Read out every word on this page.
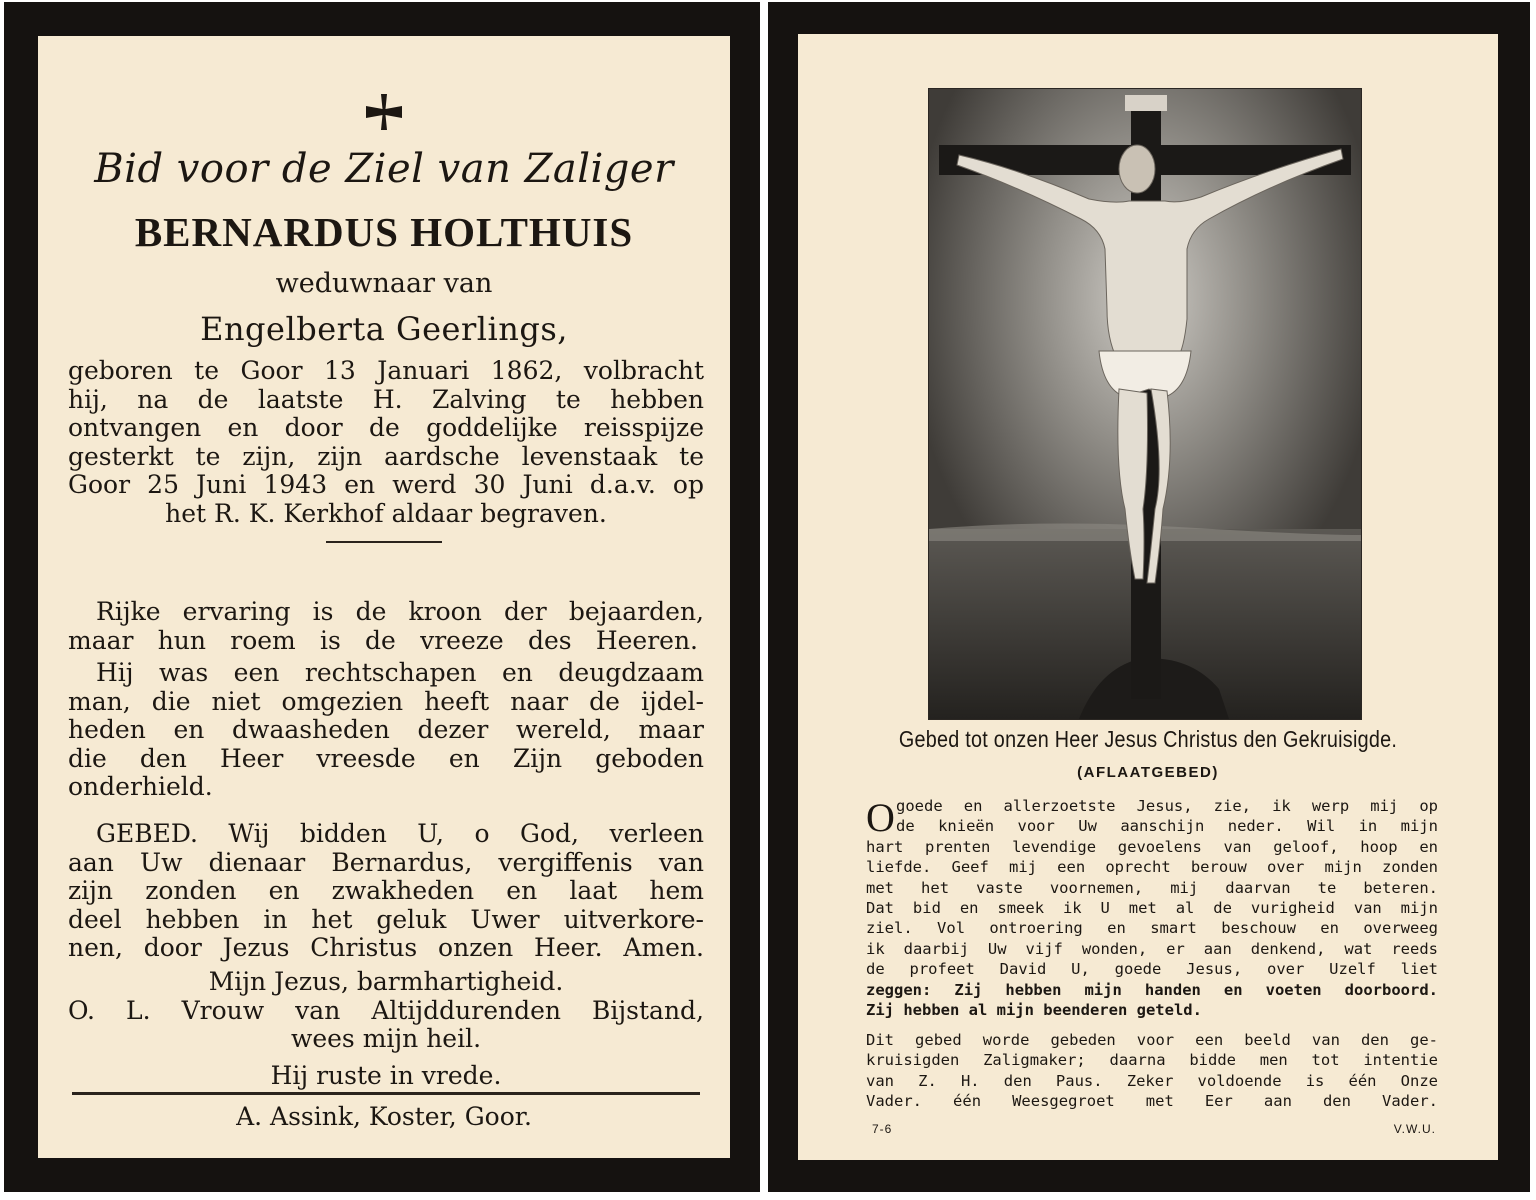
Bid voor de Ziel van Zaliger
BERNARDUS HOLTHUIS
weduwnaar van
Engelberta Geerlings,
geboren te Goor 13 Januari 1862, volbracht
hij, na de laatste H. Zalving te hebben
ontvangen en door de goddelijke reisspijze
gesterkt te zijn, zijn aardsche levenstaak te
Goor 25 Juni 1943 en werd 30 Juni d.a.v. op
het R. K. Kerkhof aldaar begraven.
Rijke ervaring is de kroon der bejaarden,
maar hun roem is de vreeze des Heeren.
Hij was een rechtschapen en deugdzaam
man, die niet omgezien heeft naar de ijdel-
heden en dwaasheden dezer wereld, maar
die den Heer vreesde en Zijn geboden
onderhield.
GEBED. Wij bidden U, o God, verleen
aan Uw dienaar Bernardus, vergiffenis van
zijn zonden en zwakheden en laat hem
deel hebben in het geluk Uwer uitverkore-
nen, door Jezus Christus onzen Heer. Amen.
Mijn Jezus, barmhartigheid.
O. L. Vrouw van Altijddurenden Bijstand,
wees mijn heil.
Hij ruste in vrede.
A. Assink, Koster, Goor.
Gebed tot onzen Heer Jesus Christus den Gekruisigde.
(AFLAATGEBED)
O goede en allerzoetste Jesus, zie, ik werp mij op
de knieën voor Uw aanschijn neder. Wil in mijn
hart prenten levendige gevoelens van geloof, hoop en
liefde. Geef mij een oprecht berouw over mijn zonden
met het vaste voornemen, mij daarvan te beteren.
Dat bid en smeek ik U met al de vurigheid van mijn
ziel. Vol ontroering en smart beschouw en overweeg
ik daarbij Uw vijf wonden, er aan denkend, wat reeds
de profeet David U, goede Jesus, over Uzelf liet
zeggen: Zij hebben mijn handen en voeten doorboord.
Zij hebben al mijn beenderen geteld.
Dit gebed worde gebeden voor een beeld van den ge-
kruisigden Zaligmaker; daarna bidde men tot intentie
van Z. H. den Paus. Zeker voldoende is één Onze
Vader. één Weesgegroet met Eer aan den Vader.
7-6	V.W.U.
